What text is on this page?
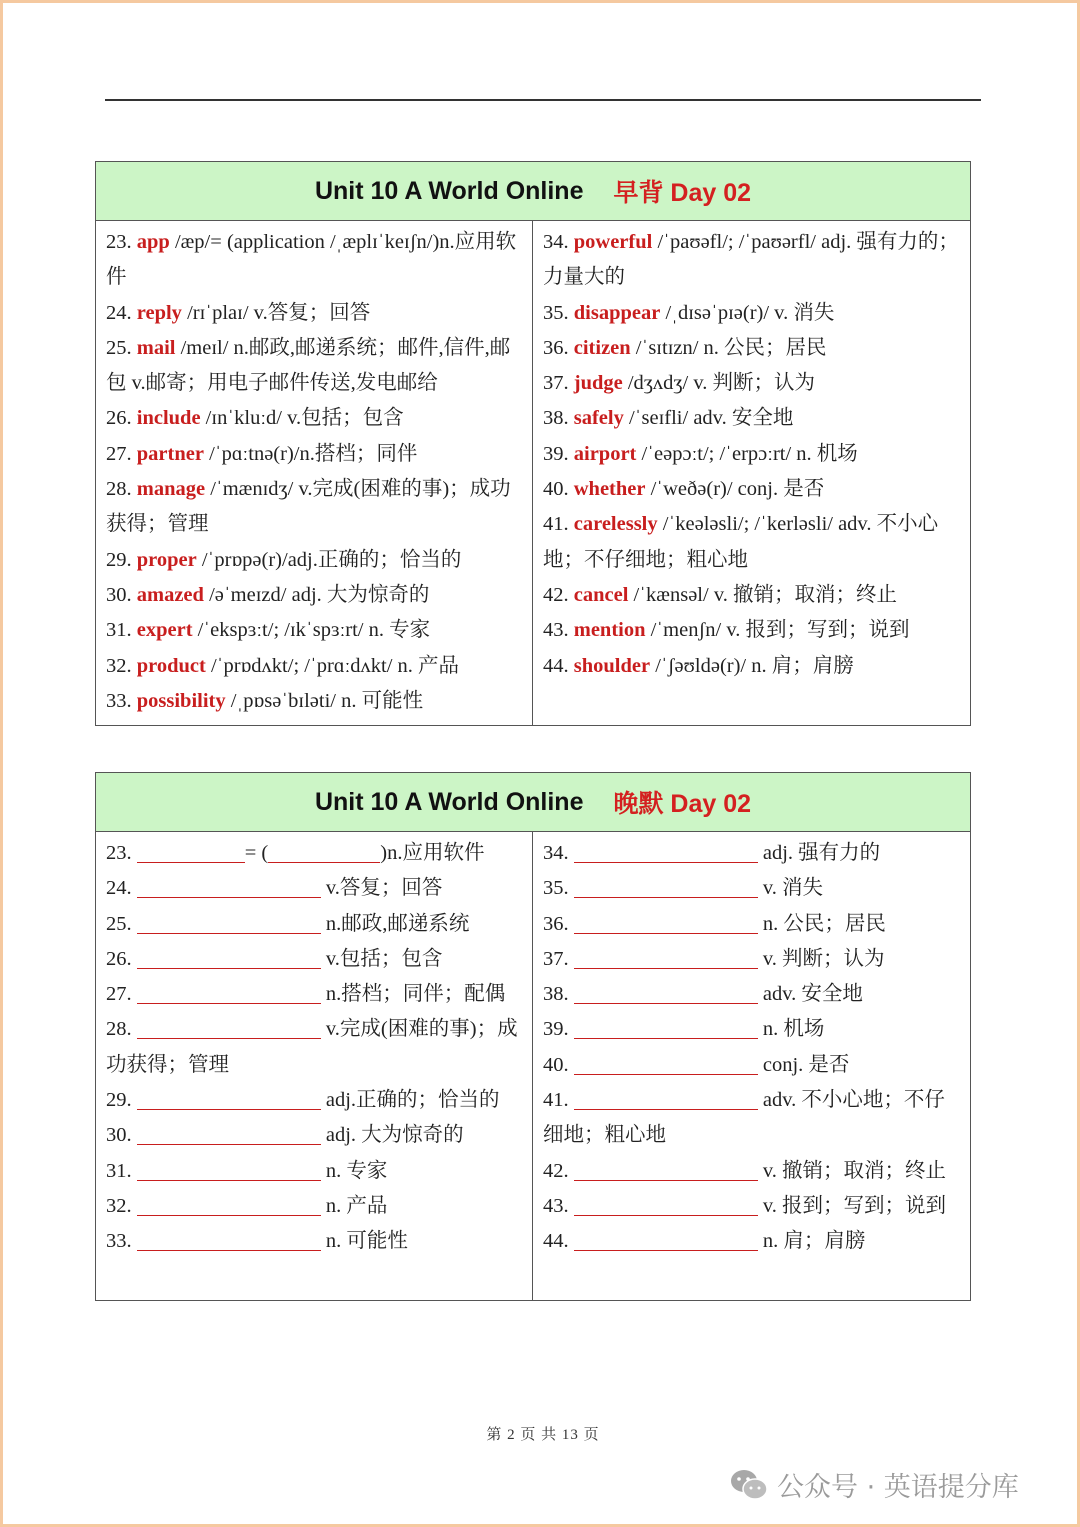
Unit 10 A World Online 早背 Day 02
23. app /æp/= (application /ˌæplɪˈkeɪʃn/)n.应用软件
24. reply /rɪˈplaɪ/ v.答复；回答
25. mail /meɪl/ n.邮政,邮递系统；邮件,信件,邮包 v.邮寄；用电子邮件传送,发电邮给
26. include /ɪnˈkluːd/ v.包括；包含
27. partner /ˈpɑːtnə(r)/n.搭档；同伴
28. manage /ˈmænɪdʒ/ v.完成(困难的事)；成功获得；管理
29. proper /ˈprɒpə(r)/adj.正确的；恰当的
30. amazed /əˈmeɪzd/ adj. 大为惊奇的
31. expert /ˈekspɜːt/; /ɪkˈspɜːrt/ n. 专家
32. product /ˈprɒdʌkt/; /ˈprɑːdʌkt/ n. 产品
33. possibility /ˌpɒsəˈbɪləti/ n. 可能性
34. powerful /ˈpaʊəfl/; /ˈpaʊərfl/ adj. 强有力的；力量大的
35. disappear /ˌdɪsəˈpɪə(r)/ v. 消失
36. citizen /ˈsɪtɪzn/ n. 公民；居民
37. judge /dʒʌdʒ/ v. 判断；认为
38. safely /ˈseɪfli/ adv. 安全地
39. airport /ˈeəpɔːt/; /ˈerpɔːrt/ n. 机场
40. whether /ˈweðə(r)/ conj. 是否
41. carelessly /ˈkeələsli/; /ˈkerləsli/ adv. 不小心地；不仔细地；粗心地
42. cancel /ˈkænsəl/ v. 撤销；取消；终止
43. mention /ˈmenʃn/ v. 报到；写到；说到
44. shoulder /ˈʃəʊldə(r)/ n. 肩；肩膀
Unit 10 A World Online 晚默 Day 02
23.	= (	)n.应用软件
24.	v.答复；回答
25.	n.邮政,邮递系统
26.	v.包括；包含
27.	n.搭档；同伴；配偶
28.	v.完成(困难的事)；成功获得；管理
29.	adj.正确的；恰当的
30.	adj. 大为惊奇的
31.	n. 专家
32.	n. 产品
33.	n. 可能性
34.	adj. 强有力的
35.	v. 消失
36.	n. 公民；居民
37.	v. 判断；认为
38.	adv. 安全地
39.	n. 机场
40.	conj. 是否
41.	adv. 不小心地；不仔细地；粗心地
42.	v. 撤销；取消；终止
43.	v. 报到；写到；说到
44.	n. 肩；肩膀
第 2 页 共 13 页
公众号 · 英语提分库
